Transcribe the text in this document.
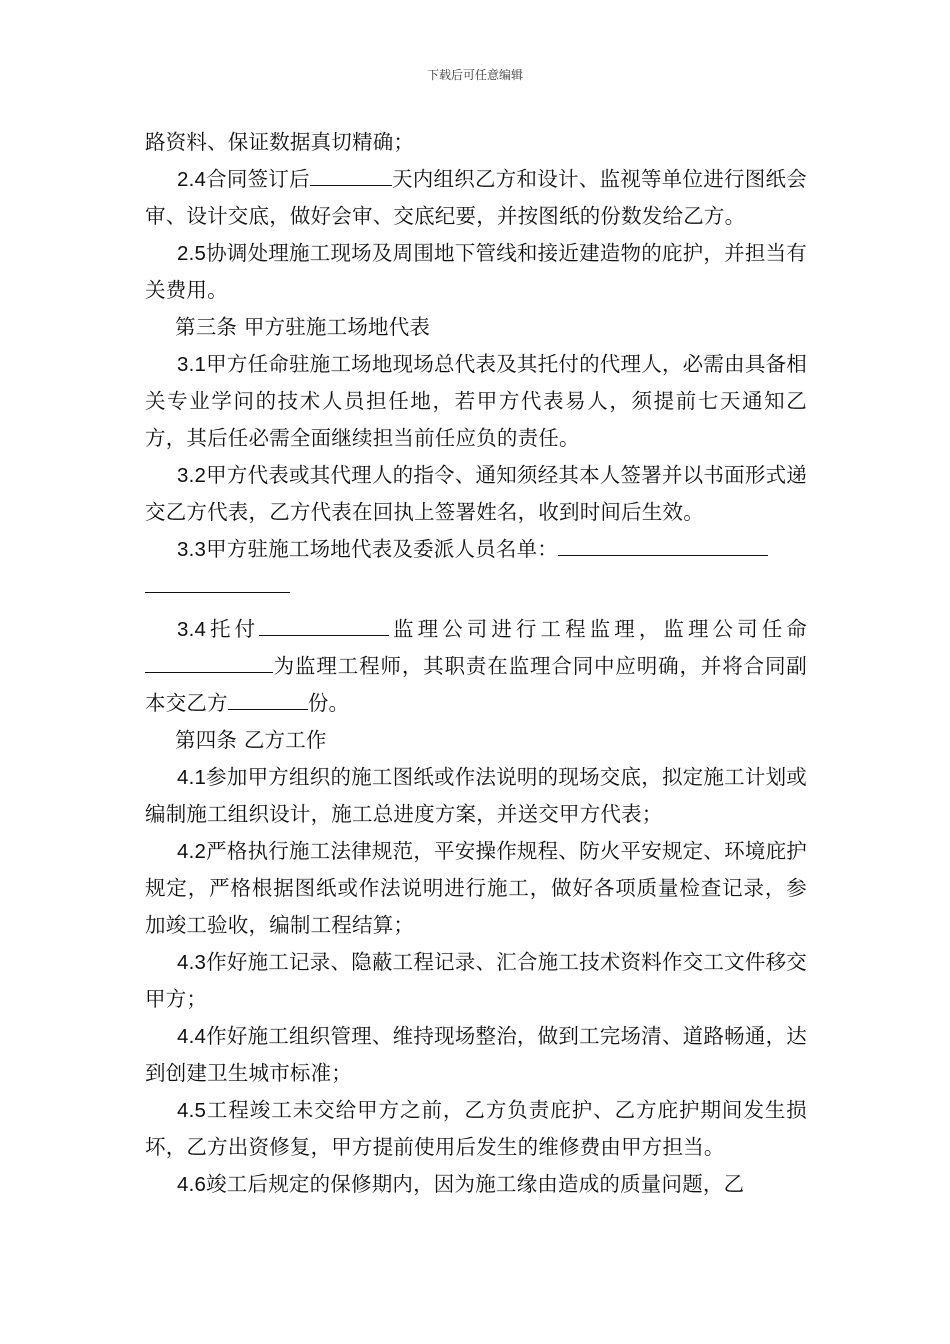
下载后可任意编辑

路资料、保证数据真切精确；

2.4合同签订后	天内组织乙方和设计、监视等单位进行图纸会审、设计交底，做好会审、交底纪要，并按图纸的份数发给乙方。

2.5协调处理施工现场及周围地下管线和接近建造物的庇护，并担当有关费用。

第三条 甲方驻施工场地代表

3.1甲方任命驻施工场地现场总代表及其托付的代理人，必需由具备相关专业学问的技术人员担任地，若甲方代表易人，须提前七天通知乙方，其后任必需全面继续担当前任应负的责任。

3.2甲方代表或其代理人的指令、通知须经其本人签署并以书面形式递交乙方代表，乙方代表在回执上签署姓名，收到时间后生效。

3.3甲方驻施工场地代表及委派人员名单：

3.4托付	监理公司进行工程监理，监理公司任命为监理工程师，其职责在监理合同中应明确，并将合同副本交乙方	份。

第四条 乙方工作

4.1参加甲方组织的施工图纸或作法说明的现场交底，拟定施工计划或编制施工组织设计，施工总进度方案，并送交甲方代表；

4.2严格执行施工法律规范，平安操作规程、防火平安规定、环境庇护规定，严格根据图纸或作法说明进行施工，做好各项质量检查记录，参加竣工验收，编制工程结算；

4.3作好施工记录、隐蔽工程记录、汇合施工技术资料作交工文件移交甲方；

4.4作好施工组织管理、维持现场整治，做到工完场清、道路畅通，达到创建卫生城市标准；

4.5工程竣工未交给甲方之前，乙方负责庇护、乙方庇护期间发生损坏，乙方出资修复，甲方提前使用后发生的维修费由甲方担当。

4.6竣工后规定的保修期内，因为施工缘由造成的质量问题，乙
